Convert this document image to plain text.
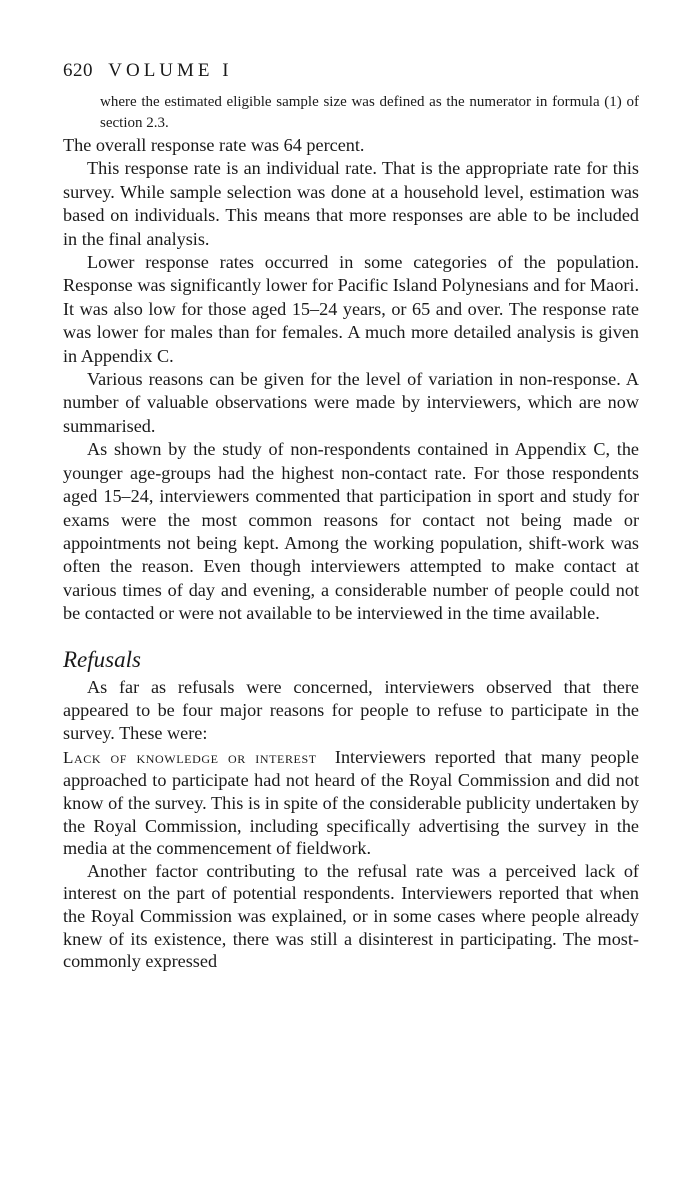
620 VOLUME I
where the estimated eligible sample size was defined as the numerator in formula (1) of section 2.3.

The overall response rate was 64 percent.

This response rate is an individual rate. That is the appropriate rate for this survey. While sample selection was done at a household level, estimation was based on individuals. This means that more responses are able to be included in the final analysis.

Lower response rates occurred in some categories of the population. Response was significantly lower for Pacific Island Polynesians and for Maori. It was also low for those aged 15–24 years, or 65 and over. The response rate was lower for males than for females. A much more detailed analysis is given in Appendix C.

Various reasons can be given for the level of variation in non-response. A number of valuable observations were made by interviewers, which are now summarised.

As shown by the study of non-respondents contained in Appendix C, the younger age-groups had the highest non-contact rate. For those respondents aged 15–24, interviewers commented that participation in sport and study for exams were the most common reasons for contact not being made or appointments not being kept. Among the working population, shift-work was often the reason. Even though interviewers attempted to make contact at various times of day and evening, a considerable number of people could not be contacted or were not available to be interviewed in the time available.

Refusals

As far as refusals were concerned, interviewers observed that there appeared to be four major reasons for people to refuse to participate in the survey. These were:

Lack of knowledge or interest Interviewers reported that many people approached to participate had not heard of the Royal Commission and did not know of the survey. This is in spite of the considerable publicity undertaken by the Royal Commission, including specifically advertising the survey in the media at the commencement of fieldwork.

Another factor contributing to the refusal rate was a perceived lack of interest on the part of potential respondents. Interviewers reported that when the Royal Commission was explained, or in some cases where people already knew of its existence, there was still a disinterest in participating. The most-commonly expressed
